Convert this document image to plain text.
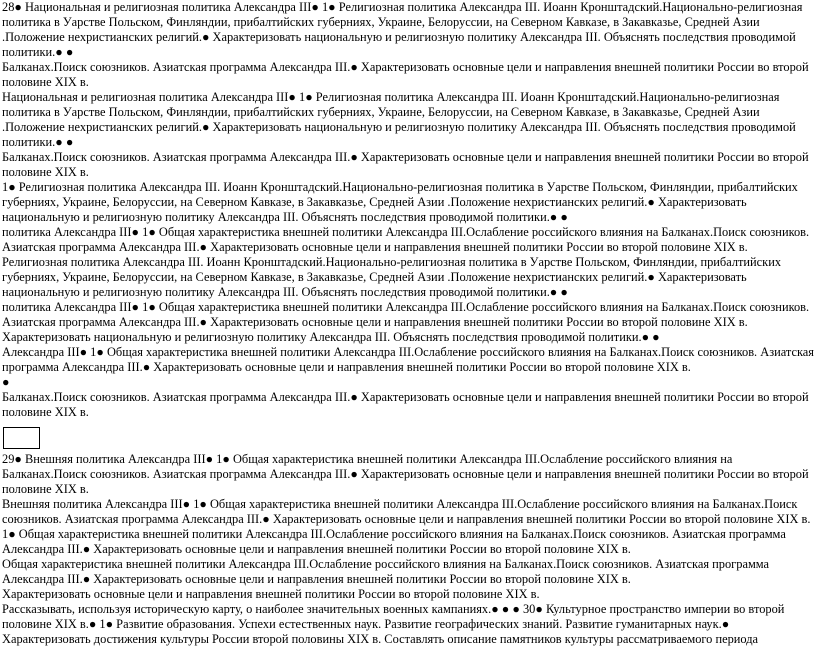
28● Национальная и религиозная политика Александра III● 1● Религиозная политика Александра III. Иоанн Кронштадский.Национально-религиозная политика в Уарстве Польском, Финляндии, прибалтийских губерниях, Украине, Белоруссии, на Северном Кавказе, в Закавказье, Средней Азии .Положение нехристианских религий.● Характеризовать национальную и религиозную политику Александра III. Объяснять последствия проводимой политики.● ●

Балканах.Поиск союзников. Азиатская программа Александра III.● Характеризовать основные цели и направления внешней политики России во второй половине XIX в.

Национальная и религиозная политика Александра III● 1● Религиозная политика Александра III. Иоанн Кронштадский.Национально-религиозная политика в Уарстве Польском, Финляндии, прибалтийских губерниях, Украине, Белоруссии, на Северном Кавказе, в Закавказье, Средней Азии .Положение нехристианских религий.● Характеризовать национальную и религиозную политику Александра III. Объяснять последствия проводимой политики.● ●

Балканах.Поиск союзников. Азиатская программа Александра III.● Характеризовать основные цели и направления внешней политики России во второй половине XIX в.

1● Религиозная политика Александра III. Иоанн Кронштадский.Национально-религиозная политика в Уарстве Польском, Финляндии, прибалтийских губерниях, Украине, Белоруссии, на Северном Кавказе, в Закавказье, Средней Азии .Положение нехристианских религий.● Характеризовать национальную и религиозную политику Александра III. Объяснять последствия проводимой политики.● ●

политика Александра III● 1● Общая характеристика внешней политики Александра III.Ослабление российского влияния на Балканах.Поиск союзников. Азиатская программа Александра III.● Характеризовать основные цели и направления внешней политики России во второй половине XIX в.

Религиозная политика Александра III. Иоанн Кронштадский.Национально-религиозная политика в Уарстве Польском, Финляндии, прибалтийских губерниях, Украине, Белоруссии, на Северном Кавказе, в Закавказье, Средней Азии .Положение нехристианских религий.● Характеризовать национальную и религиозную политику Александра III. Объяснять последствия проводимой политики.● ●

политика Александра III● 1● Общая характеристика внешней политики Александра III.Ослабление российского влияния на Балканах.Поиск союзников. Азиатская программа Александра III.● Характеризовать основные цели и направления внешней политики России во второй половине XIX в.

Характеризовать национальную и религиозную политику Александра III. Объяснять последствия проводимой политики.● ●

Александра III● 1● Общая характеристика внешней политики Александра III.Ослабление российского влияния на Балканах.Поиск союзников. Азиатская программа Александра III.● Характеризовать основные цели и направления внешней политики России во второй половине XIX в.

●

Балканах.Поиск союзников. Азиатская программа Александра III.● Характеризовать основные цели и направления внешней политики России во второй половине XIX в.

29● Внешняя политика Александра III● 1● Общая характеристика внешней политики Александра III.Ослабление российского влияния на Балканах.Поиск союзников. Азиатская программа Александра III.● Характеризовать основные цели и направления внешней политики России во второй половине XIX в.

Внешняя политика Александра III● 1● Общая характеристика внешней политики Александра III.Ослабление российского влияния на Балканах.Поиск союзников. Азиатская программа Александра III.● Характеризовать основные цели и направления внешней политики России во второй половине XIX в.

1● Общая характеристика внешней политики Александра III.Ослабление российского влияния на Балканах.Поиск союзников. Азиатская программа Александра III.● Характеризовать основные цели и направления внешней политики России во второй половине XIX в.

Общая характеристика внешней политики Александра III.Ослабление российского влияния на Балканах.Поиск союзников. Азиатская программа Александра III.● Характеризовать основные цели и направления внешней политики России во второй половине XIX в.

Характеризовать основные цели и направления внешней политики России во второй половине XIX в.

Рассказывать, используя историческую карту, о наиболее значительных военных кампаниях.● ● ● 30● Культурное пространство империи во второй половине XIX в.● 1● Развитие образования. Успехи естественных наук. Развитие географических знаний. Развитие гуманитарных наук.● Характеризовать достижения культуры России второй половины XIX в. Составлять описание памятников культуры рассматриваемого периода
